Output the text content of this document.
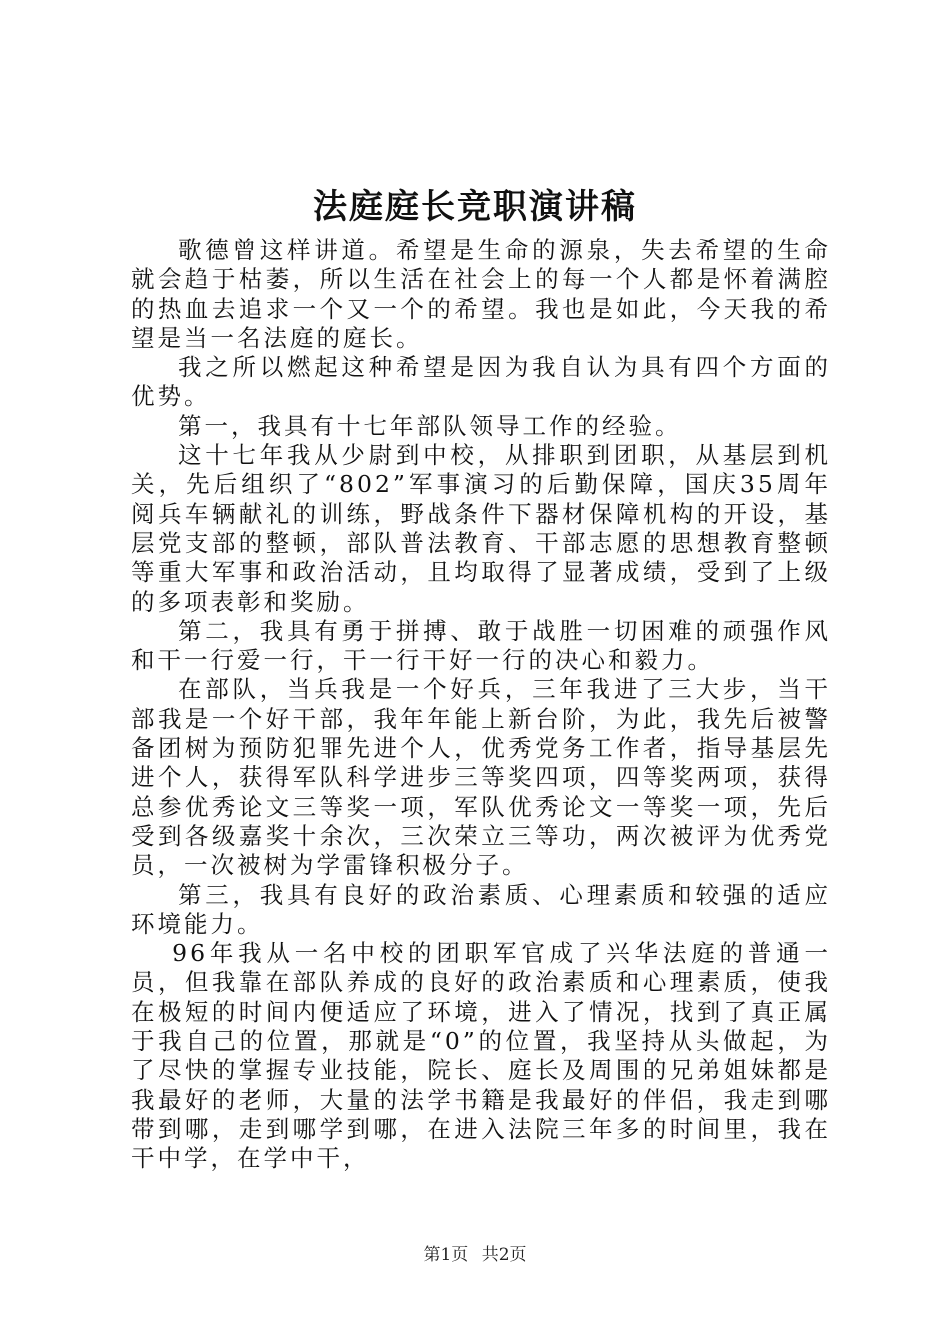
法庭庭长竞职演讲稿

歌德曾这样讲道。希望是生命的源泉，失去希望的生命就会趋于枯萎，所以生活在社会上的每一个人都是怀着满腔的热血去追求一个又一个的希望。我也是如此，今天我的希望是当一名法庭的庭长。

我之所以燃起这种希望是因为我自认为具有四个方面的优势。

第一，我具有十七年部队领导工作的经验。

这十七年我从少尉到中校，从排职到团职，从基层到机关，先后组织了“802”军事演习的后勤保障，国庆35周年阅兵车辆献礼的训练，野战条件下器材保障机构的开设，基层党支部的整顿，部队普法教育、干部志愿的思想教育整顿等重大军事和政治活动，且均取得了显著成绩，受到了上级的多项表彰和奖励。

第二，我具有勇于拼搏、敢于战胜一切困难的顽强作风和干一行爱一行，干一行干好一行的决心和毅力。

在部队，当兵我是一个好兵，三年我进了三大步，当干部我是一个好干部，我年年能上新台阶，为此，我先后被警备团树为预防犯罪先进个人，优秀党务工作者，指导基层先进个人，获得军队科学进步三等奖四项，四等奖两项，获得总参优秀论文三等奖一项，军队优秀论文一等奖一项，先后受到各级嘉奖十余次，三次荣立三等功，两次被评为优秀党员，一次被树为学雷锋积极分子。

第三，我具有良好的政治素质、心理素质和较强的适应环境能力。

96年我从一名中校的团职军官成了兴华法庭的普通一员，但我靠在部队养成的良好的政治素质和心理素质，使我在极短的时间内便适应了环境，进入了情况，找到了真正属于我自己的位置，那就是“0”的位置，我坚持从头做起，为了尽快的掌握专业技能，院长、庭长及周围的兄弟姐妹都是我最好的老师，大量的法学书籍是我最好的伴侣，我走到哪带到哪，走到哪学到哪，在进入法院三年多的时间里，我在干中学，在学中干，

第1页 共2页
